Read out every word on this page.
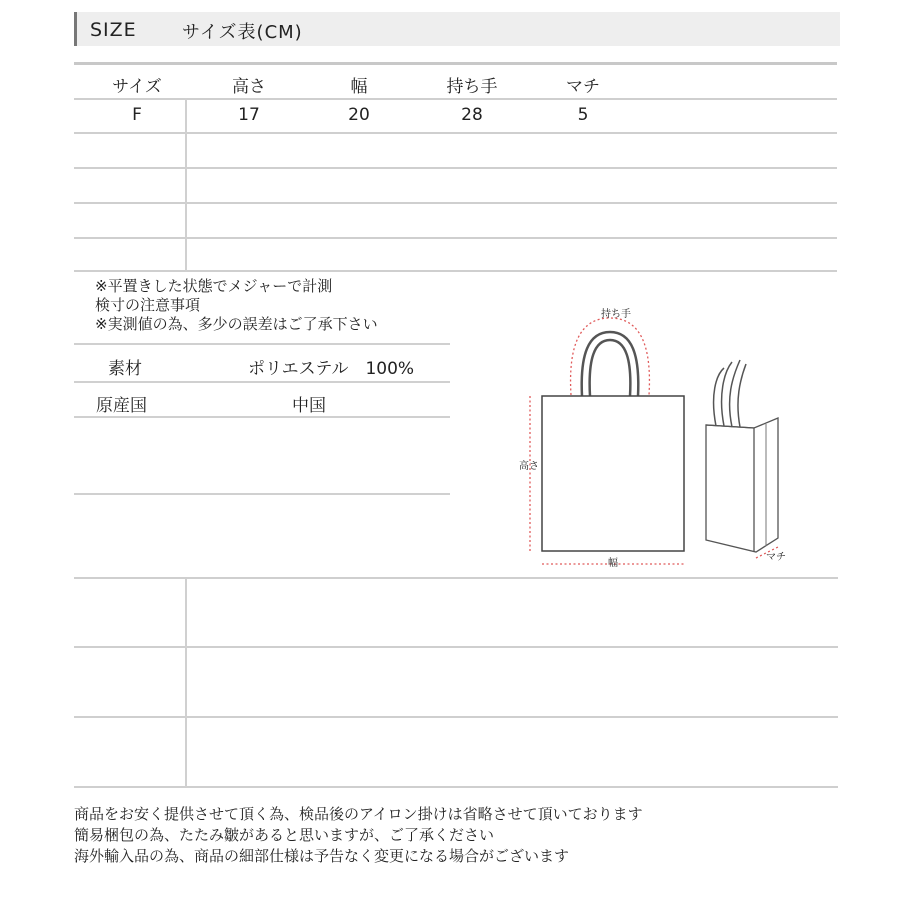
SIZE	サイズ表(CM)
サイズ	高さ	幅	持ち手	マチ
F	17	20	28	5
※平置きした状態でメジャーで計測
検寸の注意事項
※実測値の為、多少の誤差はご了承下さい
素材	ポリエステル　100%
原産国	中国
持ち手
高さ
幅
マチ
商品をお安く提供させて頂く為、検品後のアイロン掛けは省略させて頂いております
簡易梱包の為、たたみ皺があると思いますが、ご了承ください
海外輸入品の為、商品の細部仕様は予告なく変更になる場合がございます
